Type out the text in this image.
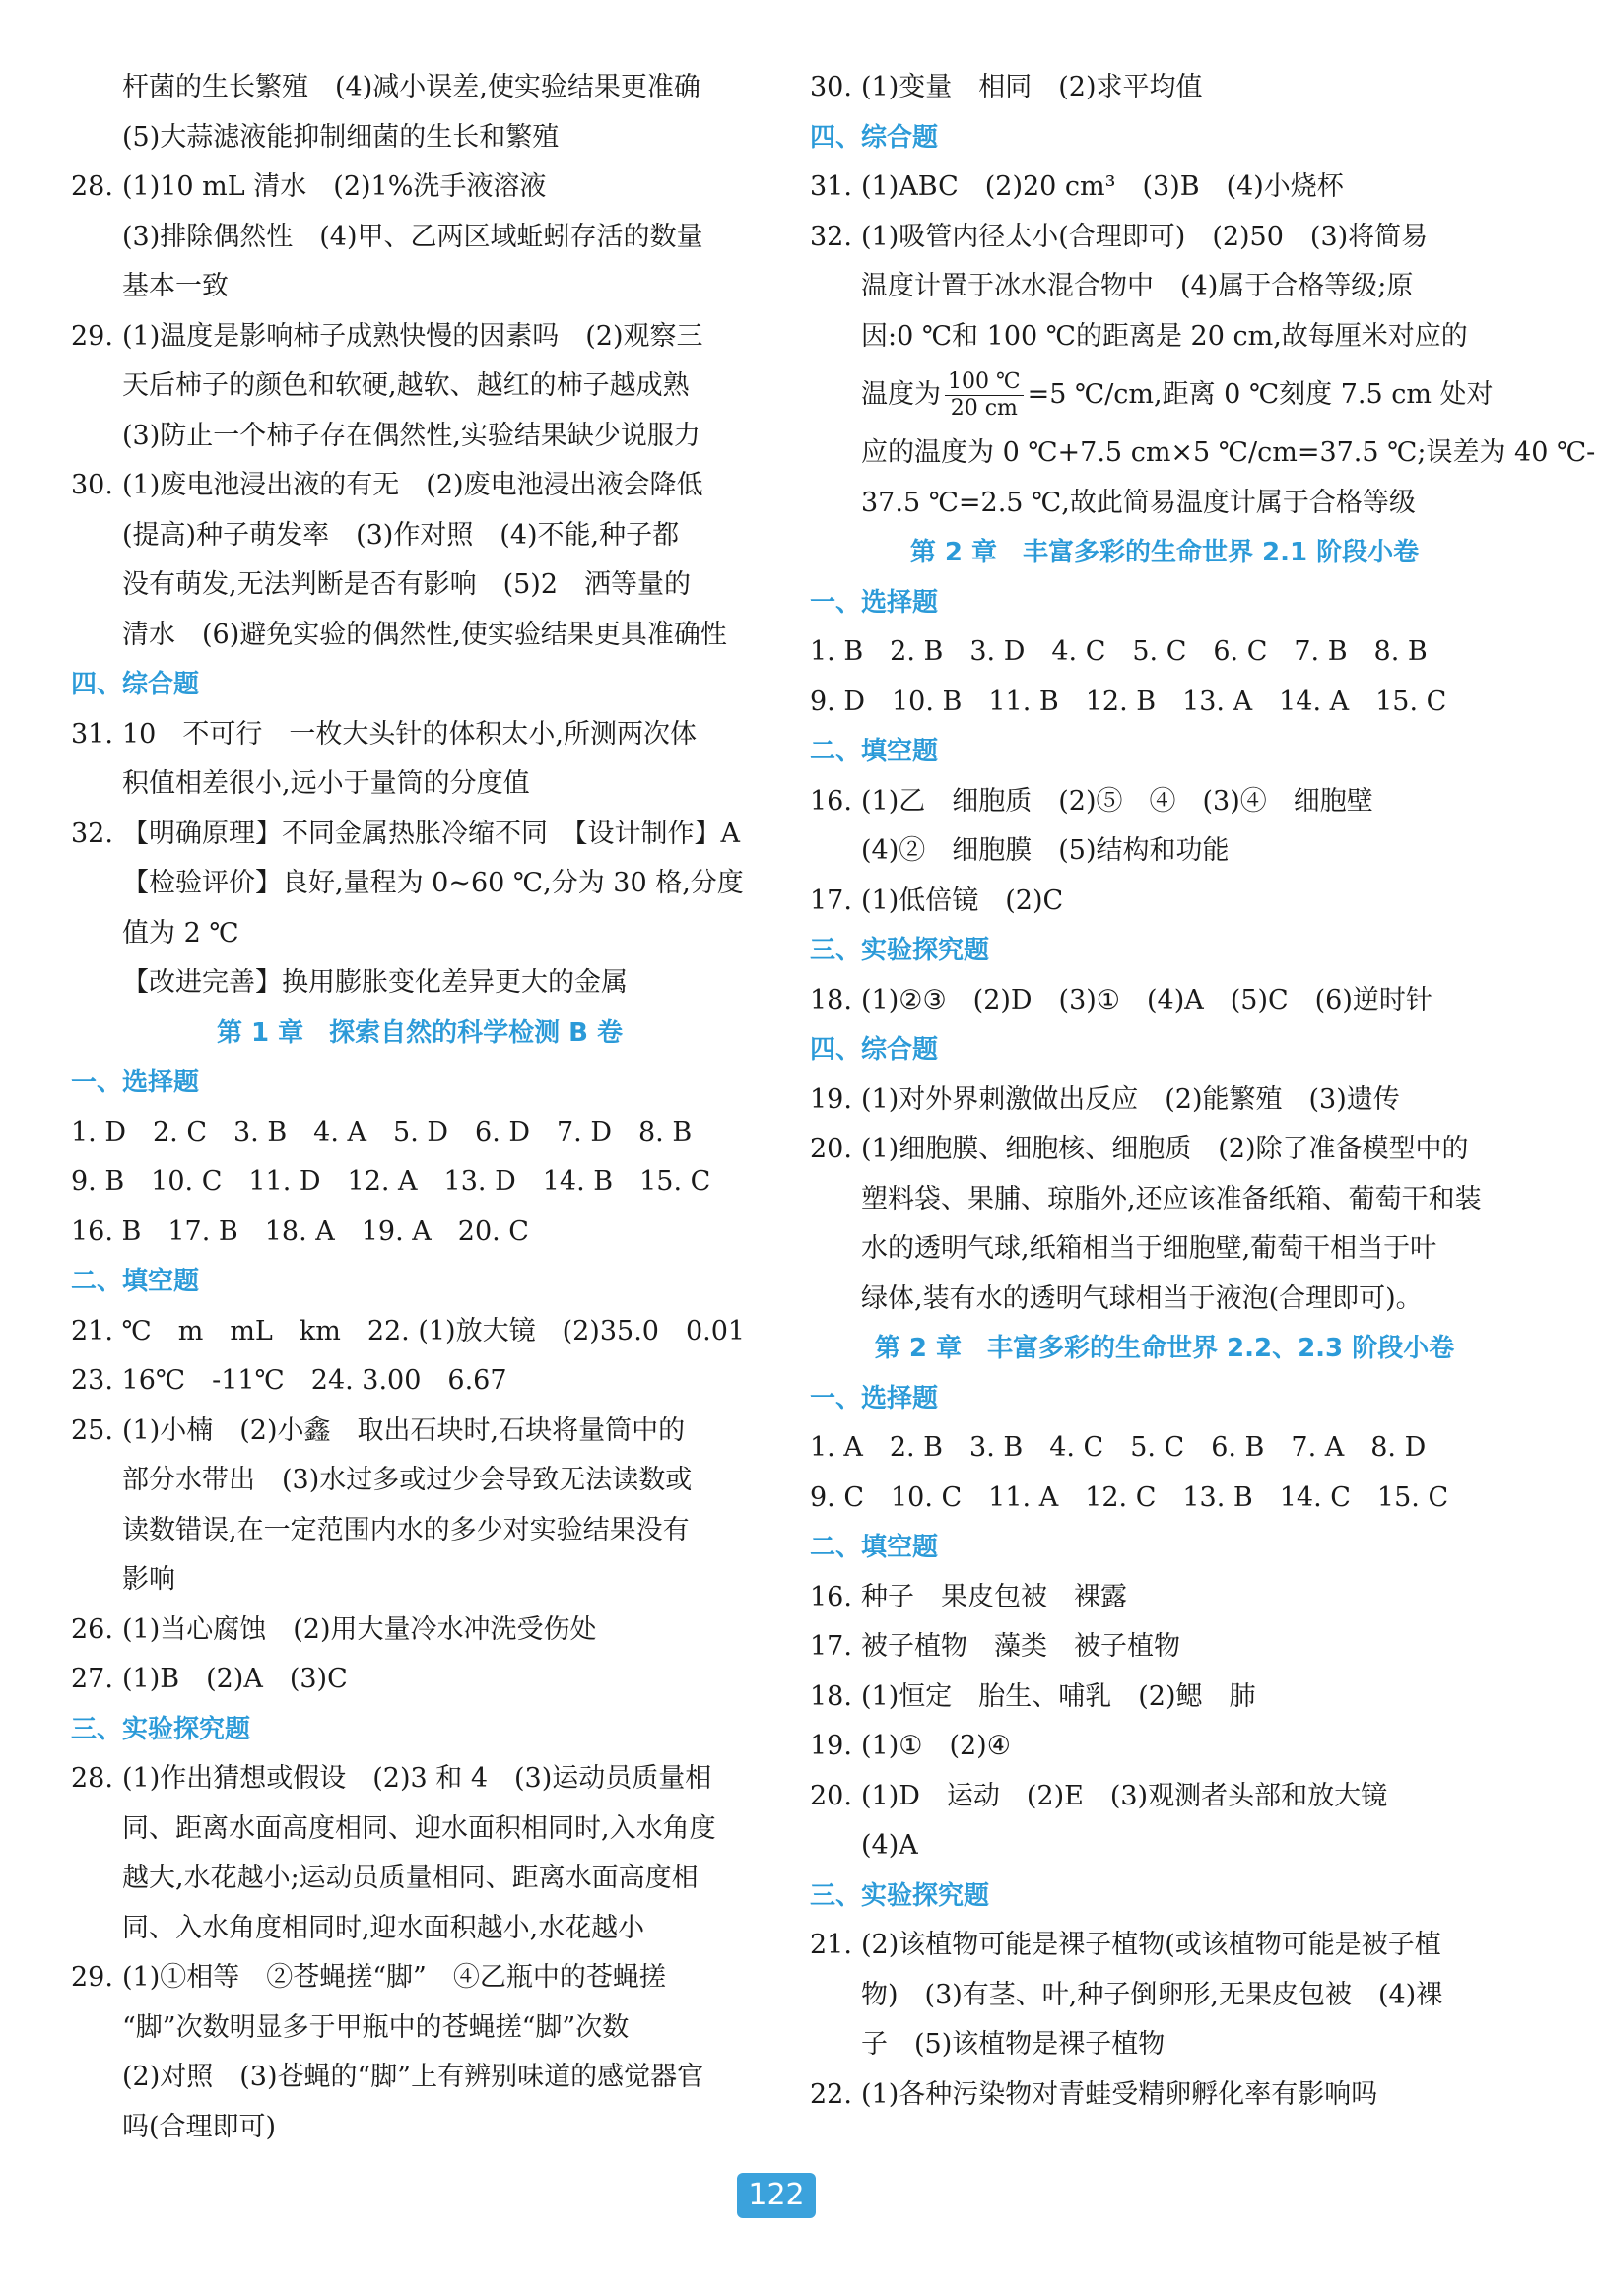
杆菌的生长繁殖　(4)减小误差,使实验结果更准确
(5)大蒜滤液能抑制细菌的生长和繁殖
28. (1)10 mL 清水　(2)1%洗手液溶液
(3)排除偶然性　(4)甲、乙两区域蚯蚓存活的数量
基本一致
29. (1)温度是影响柿子成熟快慢的因素吗　(2)观察三
天后柿子的颜色和软硬,越软、越红的柿子越成熟
(3)防止一个柿子存在偶然性,实验结果缺少说服力
30. (1)废电池浸出液的有无　(2)废电池浸出液会降低
(提高)种子萌发率　(3)作对照　(4)不能,种子都
没有萌发,无法判断是否有影响　(5)2　洒等量的
清水　(6)避免实验的偶然性,使实验结果更具准确性
四、综合题
31. 10　不可行　一枚大头针的体积太小,所测两次体
积值相差很小,远小于量筒的分度值
32. 【明确原理】不同金属热胀冷缩不同　【设计制作】A
【检验评价】良好,量程为 0~60 ℃,分为 30 格,分度
值为 2 ℃
【改进完善】换用膨胀变化差异更大的金属
第 1 章　探索自然的科学检测 B 卷
一、选择题
1. D　2. C　3. B　4. A　5. D　6. D　7. D　8. B
9. B　10. C　11. D　12. A　13. D　14. B　15. C
16. B　17. B　18. A　19. A　20. C
二、填空题
21. ℃　m　mL　km　22. (1)放大镜　(2)35.0　0.01
23. 16℃　-11℃　24. 3.00　6.67
25. (1)小楠　(2)小鑫　取出石块时,石块将量筒中的
部分水带出　(3)水过多或过少会导致无法读数或
读数错误,在一定范围内水的多少对实验结果没有
影响
26. (1)当心腐蚀　(2)用大量冷水冲洗受伤处
27. (1)B　(2)A　(3)C
三、实验探究题
28. (1)作出猜想或假设　(2)3 和 4　(3)运动员质量相
同、距离水面高度相同、迎水面积相同时,入水角度
越大,水花越小;运动员质量相同、距离水面高度相
同、入水角度相同时,迎水面积越小,水花越小
29. (1)①相等　②苍蝇搓“脚”　④乙瓶中的苍蝇搓
“脚”次数明显多于甲瓶中的苍蝇搓“脚”次数
(2)对照　(3)苍蝇的“脚”上有辨别味道的感觉器官
吗(合理即可)
30. (1)变量　相同　(2)求平均值
四、综合题
31. (1)ABC　(2)20 cm³　(3)B　(4)小烧杯
32. (1)吸管内径太小(合理即可)　(2)50　(3)将简易
温度计置于冰水混合物中　(4)属于合格等级;原
因:0 ℃和 100 ℃的距离是 20 cm,故每厘米对应的
温度为 $\frac{100 ℃}{20 cm} =5$ ℃/cm,距离 0 ℃刻度 7.5 cm 处对
应的温度为 0 ℃+7.5 cm×5 ℃/cm=37.5 ℃;误差为 40 ℃-
37.5 ℃=2.5 ℃,故此简易温度计属于合格等级
第 2 章　丰富多彩的生命世界 2.1 阶段小卷
一、选择题
1. B　2. B　3. D　4. C　5. C　6. C　7. B　8. B
9. D　10. B　11. B　12. B　13. A　14. A　15. C
二、填空题
16. (1)乙　细胞质　(2)⑤　④　(3)④　细胞壁
(4)②　细胞膜　(5)结构和功能
17. (1)低倍镜　(2)C
三、实验探究题
18. (1)②③　(2)D　(3)①　(4)A　(5)C　(6)逆时针
四、综合题
19. (1)对外界刺激做出反应　(2)能繁殖　(3)遗传
20. (1)细胞膜、细胞核、细胞质　(2)除了准备模型中的
塑料袋、果脯、琼脂外,还应该准备纸箱、葡萄干和装
水的透明气球,纸箱相当于细胞壁,葡萄干相当于叶
绿体,装有水的透明气球相当于液泡(合理即可)。
第 2 章　丰富多彩的生命世界 2.2、2.3 阶段小卷
一、选择题
1. A　2. B　3. B　4. C　5. C　6. B　7. A　8. D
9. C　10. C　11. A　12. C　13. B　14. C　15. C
二、填空题
16. 种子　果皮包被　裸露
17. 被子植物　藻类　被子植物
18. (1)恒定　胎生、哺乳　(2)鳃　肺
19. (1)①　(2)④
20. (1)D　运动　(2)E　(3)观测者头部和放大镜
(4)A
三、实验探究题
21. (2)该植物可能是裸子植物(或该植物可能是被子植
物)　(3)有茎、叶,种子倒卵形,无果皮包被　(4)裸
子　(5)该植物是裸子植物
22. (1)各种污染物对青蛙受精卵孵化率有影响吗
122
